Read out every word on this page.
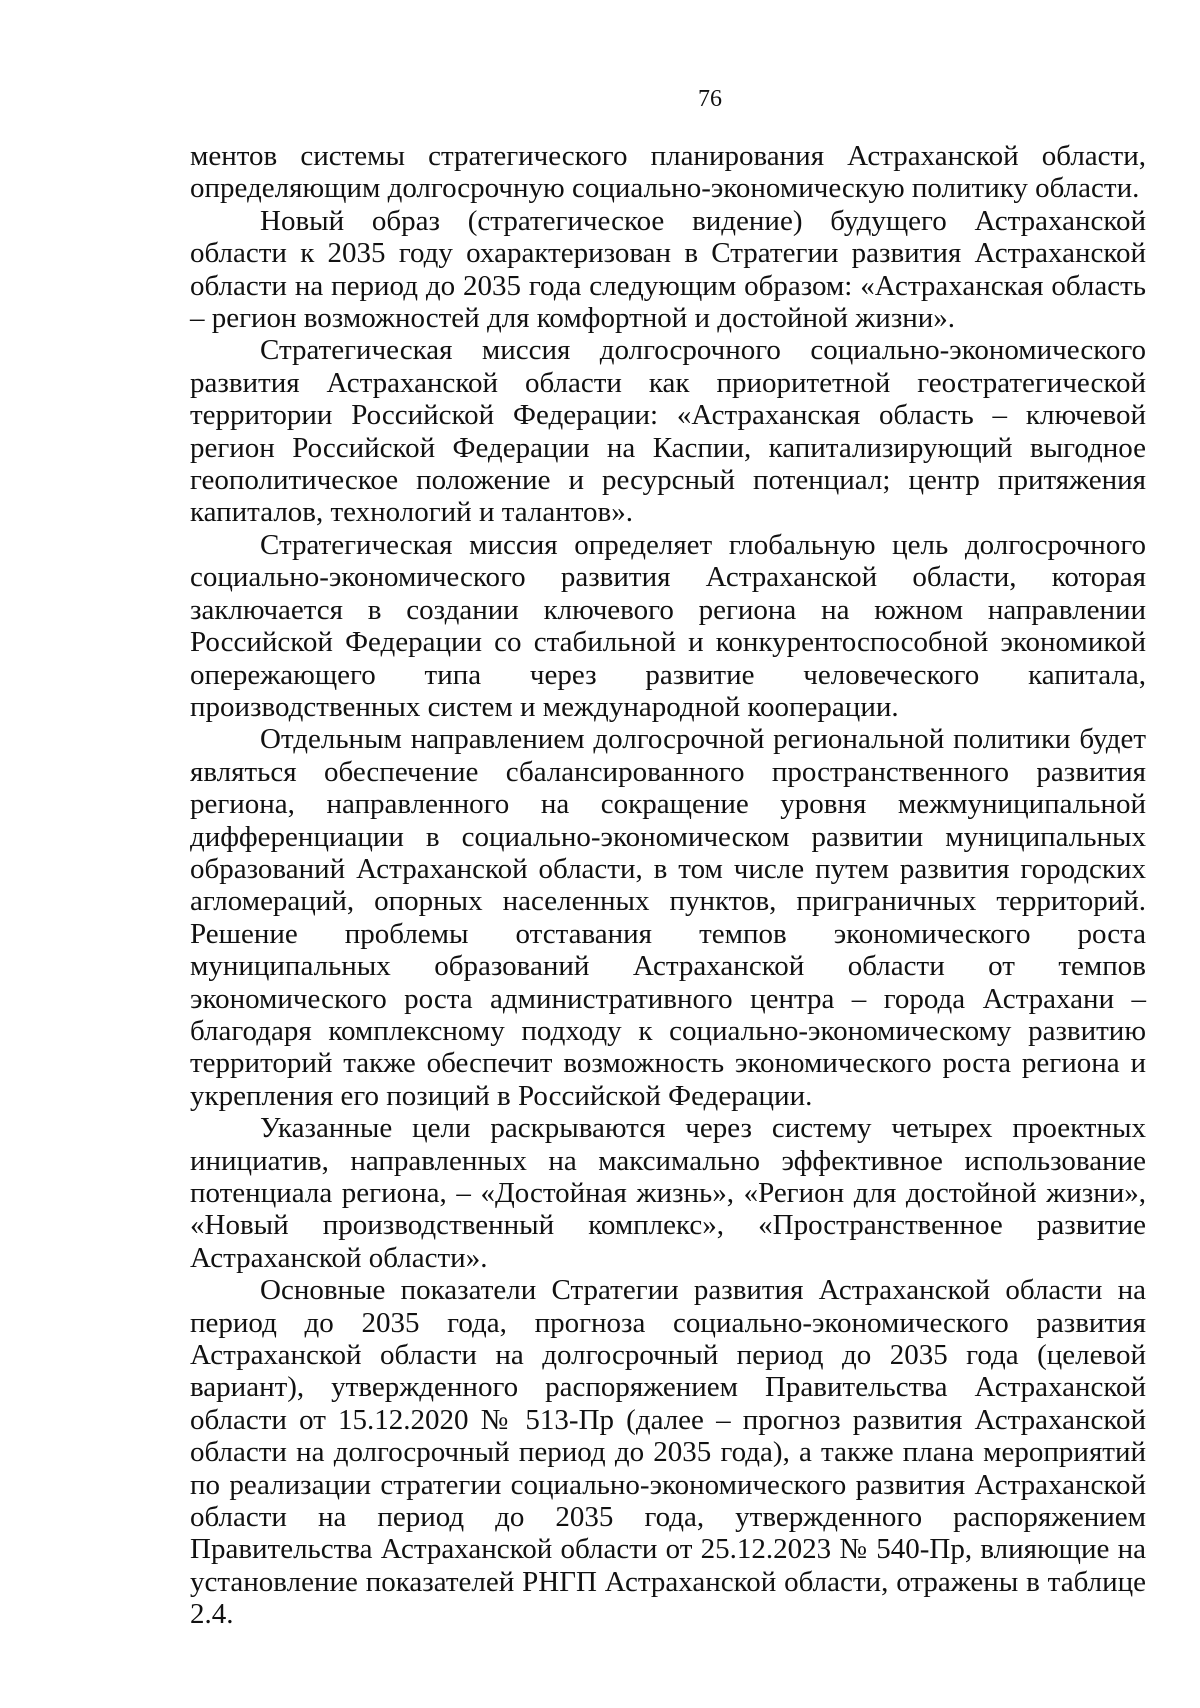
76

ментов системы стратегического планирования Астраханской области, определяющим долгосрочную социально-экономическую политику области.

Новый образ (стратегическое видение) будущего Астраханской области к 2035 году охарактеризован в Стратегии развития Астраханской области на период до 2035 года следующим образом: «Астраханская область – регион возможностей для комфортной и достойной жизни».

Стратегическая миссия долгосрочного социально-экономического развития Астраханской области как приоритетной геостратегической территории Российской Федерации: «Астраханская область – ключевой регион Российской Федерации на Каспии, капитализирующий выгодное геополитическое положение и ресурсный потенциал; центр притяжения капиталов, технологий и талантов».

Стратегическая миссия определяет глобальную цель долгосрочного социально-экономического развития Астраханской области, которая заключается в создании ключевого региона на южном направлении Российской Федерации со стабильной и конкурентоспособной экономикой опережающего типа через развитие человеческого капитала, производственных систем и международной кооперации.

Отдельным направлением долгосрочной региональной политики будет являться обеспечение сбалансированного пространственного развития региона, направленного на сокращение уровня межмуниципальной дифференциации в социально-экономическом развитии муниципальных образований Астраханской области, в том числе путем развития городских агломераций, опорных населенных пунктов, приграничных территорий. Решение проблемы отставания темпов экономического роста муниципальных образований Астраханской области от темпов экономического роста административного центра – города Астрахани – благодаря комплексному подходу к социально-экономическому развитию территорий также обеспечит возможность экономического роста региона и укрепления его позиций в Российской Федерации.

Указанные цели раскрываются через систему четырех проектных инициатив, направленных на максимально эффективное использование потенциала региона, – «Достойная жизнь», «Регион для достойной жизни», «Новый производственный комплекс», «Пространственное развитие Астраханской области».

Основные показатели Стратегии развития Астраханской области на период до 2035 года, прогноза социально-экономического развития Астраханской области на долгосрочный период до 2035 года (целевой вариант), утвержденного распоряжением Правительства Астраханской области от 15.12.2020 № 513-Пр (далее – прогноз развития Астраханской области на долгосрочный период до 2035 года), а также плана мероприятий по реализации стратегии социально-экономического развития Астраханской области на период до 2035 года, утвержденного распоряжением Правительства Астраханской области от 25.12.2023 № 540-Пр, влияющие на установление показателей РНГП Астраханской области, отражены в таблице 2.4.
